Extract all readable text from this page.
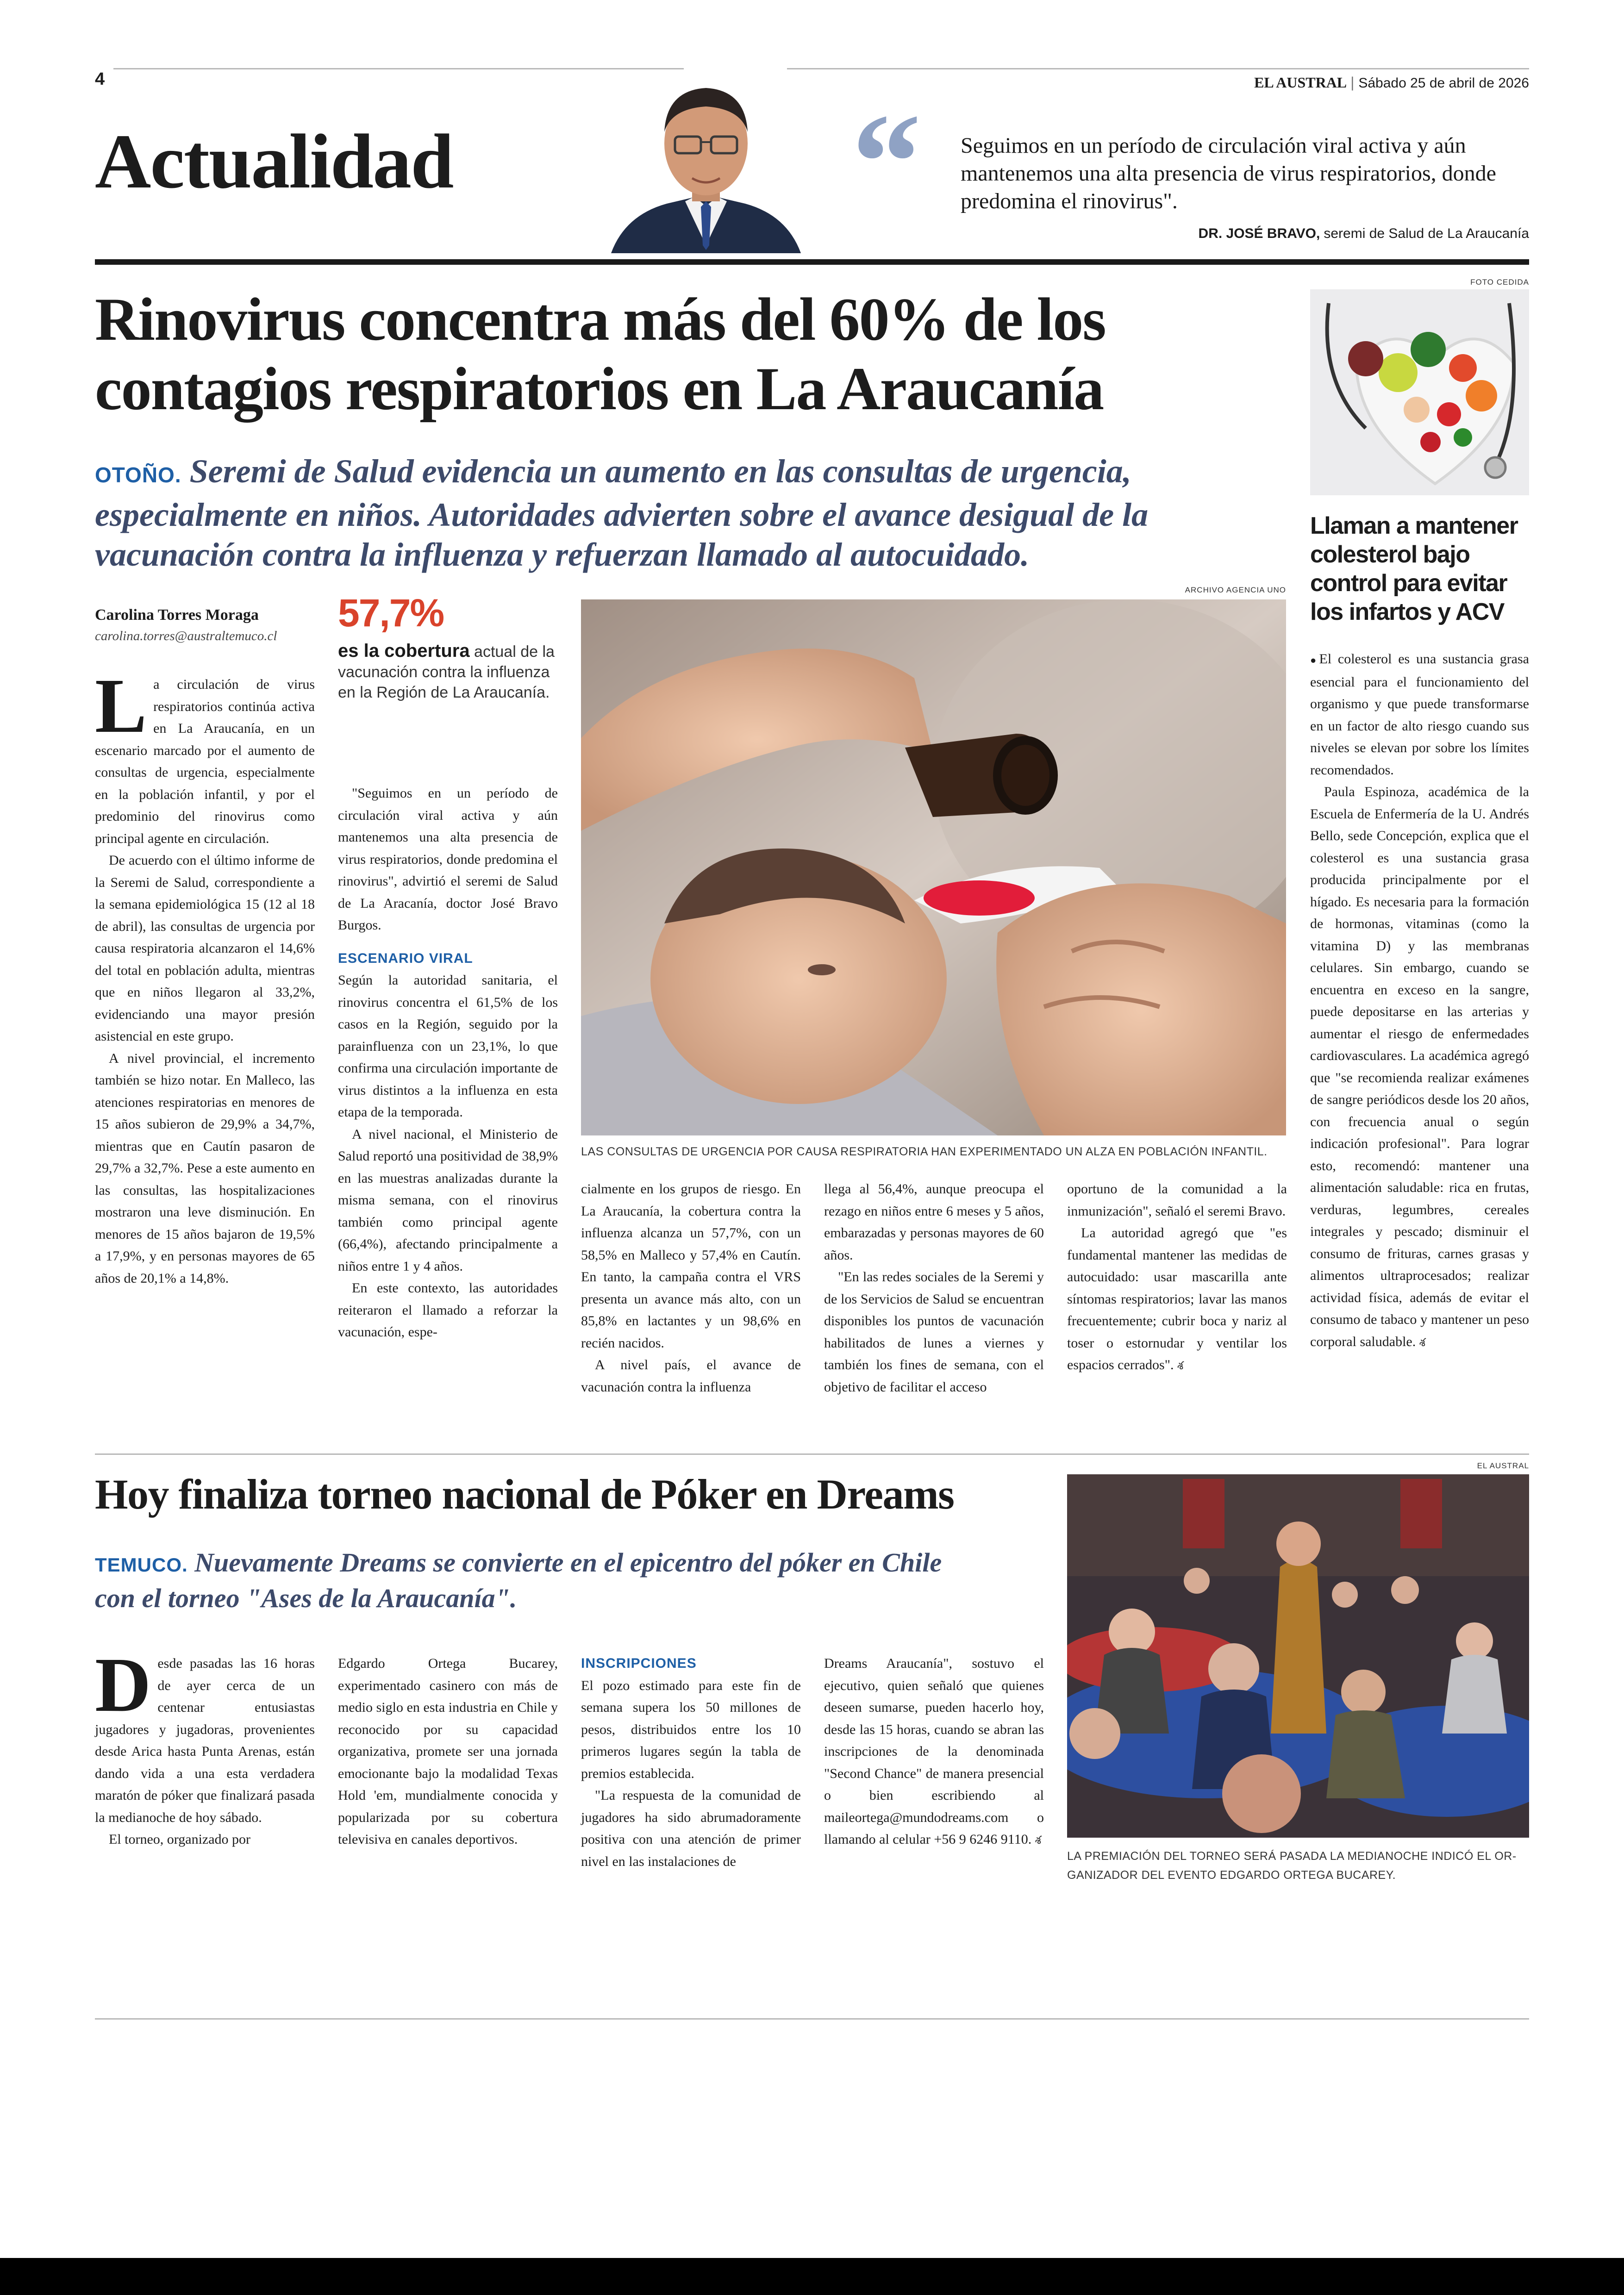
4	EL AUSTRAL | Sábado 25 de abril de 2026
Actualidad	“ Seguimos en un período de circulación viral activa y aún mantenemos una alta presencia de virus respiratorios, donde predomina el rinovirus".
DR. JOSÉ BRAVO, seremi de Salud de La Araucanía
Rinovirus concentra más del 60% de los
contagios respiratorios en La Araucanía
OTOÑO. Seremi de Salud evidencia un aumento en las consultas de urgencia,
especialmente en niños. Autoridades advierten sobre el avance desigual de la
vacunación contra la influenza y refuerzan llamado al autocuidado.
Carolina Torres Moraga
carolina.torres@australtemuco.cl

La circulación de virus respiratorios continúa activa en La Araucanía, en un escenario marcado por el aumento de consultas de urgencia, especialmente en la población infantil, y por el predominio del rinovirus como principal agente en circulación.

De acuerdo con el último informe de la Seremi de Salud, correspondiente a la semana epidemiológica 15 (12 al 18 de abril), las consultas de urgencia por causa respiratoria alcanzaron el 14,6% del total en población adulta, mientras que en niños llegaron al 33,2%, evidenciando una mayor presión asistencial en este grupo.

A nivel provincial, el incremento también se hizo notar. En Malleco, las atenciones respiratorias en menores de 15 años subieron de 29,9% a 34,7%, mientras que en Cautín pasaron de 29,7% a 32,7%. Pese a este aumento en las consultas, las hospitalizaciones mostraron una leve disminución. En menores de 15 años bajaron de 19,5% a 17,9%, y en personas mayores de 65 años de 20,1% a 14,8%.

57,7%
es la cobertura actual de la vacunación contra la influenza en la Región de La Araucanía.

"Seguimos en un período de circulación viral activa y aún mantenemos una alta presencia de virus respiratorios, donde predomina el rinovirus", advirtió el seremi de Salud de La Aracanía, doctor José Bravo Burgos.

ESCENARIO VIRAL

Según la autoridad sanitaria, el rinovirus concentra el 61,5% de los casos en la Región, seguido por la parainfluenza con un 23,1%, lo que confirma una circulación importante de virus distintos a la influenza en esta etapa de la temporada.

A nivel nacional, el Ministerio de Salud reportó una positividad de 38,9% en las muestras analizadas durante la misma semana, con el rinovirus también como principal agente (66,4%), afectando principalmente a niños entre 1 y 4 años.

En este contexto, las autoridades reiteraron el llamado a reforzar la vacunación, espe-

ARCHIVO AGENCIA UNO
LAS CONSULTAS DE URGENCIA POR CAUSA RESPIRATORIA HAN EXPERIMENTADO UN ALZA EN POBLACIÓN INFANTIL.

cialmente en los grupos de riesgo. En La Araucanía, la cobertura contra la influenza alcanza un 57,7%, con un 58,5% en Malleco y 57,4% en Cautín. En tanto, la campaña contra el VRS presenta un avance más alto, con un 85,8% en lactantes y un 98,6% en recién nacidos.

A nivel país, el avance de vacunación contra la influenza

llega al 56,4%, aunque preocupa el rezago en niños entre 6 meses y 5 años, embarazadas y personas mayores de 60 años.

"En las redes sociales de la Seremi y de los Servicios de Salud se encuentran disponibles los puntos de vacunación habilitados de lunes a viernes y también los fines de semana, con el objetivo de facilitar el acceso

oportuno de la comunidad a la inmunización", señaló el seremi Bravo.

La autoridad agregó que "es fundamental mantener las medidas de autocuidado: usar mascarilla ante síntomas respiratorios; lavar las manos frecuentemente; cubrir boca y nariz al toser o estornudar y ventilar los espacios cerrados". శ

FOTO CEDIDA
Llaman a mantener colesterol bajo control para evitar los infartos y ACV

●El colesterol es una sustancia grasa esencial para el funcionamiento del organismo y que puede transformarse en un factor de alto riesgo cuando sus niveles se elevan por sobre los límites recomendados.

Paula Espinoza, académica de la Escuela de Enfermería de la U. Andrés Bello, sede Concepción, explica que el colesterol es una sustancia grasa producida principalmente por el hígado. Es necesaria para la formación de hormonas, vitaminas (como la vitamina D) y las membranas celulares. Sin embargo, cuando se encuentra en exceso en la sangre, puede depositarse en las arterias y aumentar el riesgo de enfermedades cardiovasculares. La académica agregó que "se recomienda realizar exámenes de sangre periódicos desde los 20 años, con frecuencia anual o según indicación profesional". Para lograr esto, recomendó: mantener una alimentación saludable: rica en frutas, verduras, legumbres, cereales integrales y pescado; disminuir el consumo de frituras, carnes grasas y alimentos ultraprocesados; realizar actividad física, además de evitar el consumo de tabaco y mantener un peso corporal saludable. శ

Hoy finaliza torneo nacional de Póker en Dreams
TEMUCO. Nuevamente Dreams se convierte en el epicentro del póker en Chile
con el torneo "Ases de la Araucanía".

Desde pasadas las 16 horas de ayer cerca de un centenar entusiastas jugadores y jugadoras, provenientes desde Arica hasta Punta Arenas, están dando vida a una esta verdadera maratón de póker que finalizará pasada la medianoche de hoy sábado.

El torneo, organizado por

Edgardo Ortega Bucarey, experimentado casinero con más de medio siglo en esta industria en Chile y reconocido por su capacidad organizativa, promete ser una jornada emocionante bajo la modalidad Texas Hold 'em, mundialmente conocida y popularizada por su cobertura televisiva en canales deportivos.

INSCRIPCIONES

El pozo estimado para este fin de semana supera los 50 millones de pesos, distribuidos entre los 10 primeros lugares según la tabla de premios establecida.

"La respuesta de la comunidad de jugadores ha sido abrumadoramente positiva con una atención de primer nivel en las instalaciones de

Dreams Araucanía", sostuvo el ejecutivo, quien señaló que quienes deseen sumarse, pueden hacerlo hoy, desde las 15 horas, cuando se abran las inscripciones de la denominada "Second Chance" de manera presencial o bien escribiendo al maileortega@mundodreams.com o llamando al celular +56 9 6246 9110. శ

EL AUSTRAL
LA PREMIACIÓN DEL TORNEO SERÁ PASADA LA MEDIANOCHE INDICÓ EL OR-
GANIZADOR DEL EVENTO EDGARDO ORTEGA BUCAREY.
